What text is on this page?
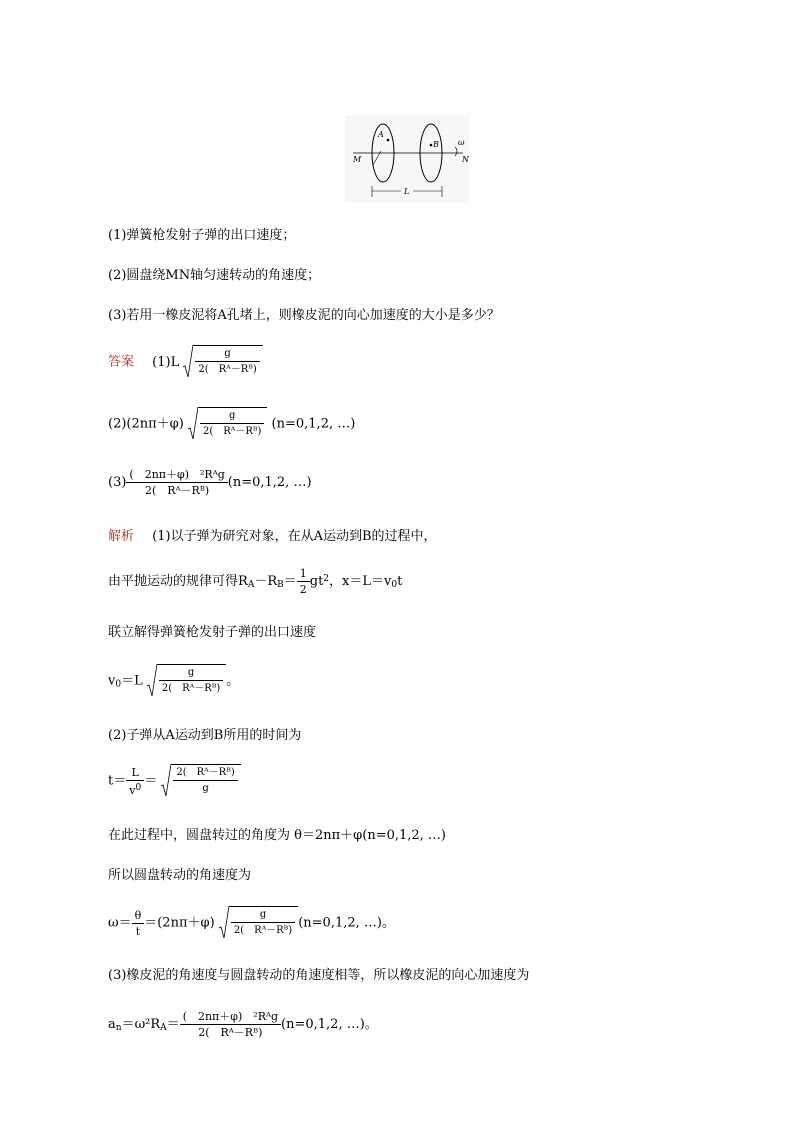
A
B
M	N
L
ω
(1)弹簧枪发射子弹的出口速度；
(2)圆盘绕MN轴匀速转动的角速度；
(3)若用一橡皮泥将A孔堵上，则橡皮泥的向心加速度的大小是多少？
答案 $(1)L \frac{g}{\text{2(　Rᴬ－Rᴮ)}}$
$(2)(2n\pi+\varphi) \frac{g}{\text{2(　Rᴬ－Rᴮ)}} (n=0,1,2$, …)
$(3) \frac{\text{(　2nπ＋φ)　²Rᴬg}}{\text{2(　Rᴬ－Rᴮ)}} (n=0,1,2$, …)
解析 (1)以子弹为研究对象，在从A运动到B的过程中，
由平抛运动的规律可得$R_A-R_B= \frac{1}{2} gt^2$，$x=L=v_0t$
联立解得弹簧枪发射子弹的出口速度
$v_0=L \frac{g}{\text{2(　Rᴬ－Rᴮ)}}$ 。
(2)子弹从A运动到B所用的时间为
$t= \frac{L}{v^0} = \frac{\text{2(　Rᴬ－Rᴮ)}}{g}$
在此过程中，圆盘转过的角度为 θ＝2nπ＋φ(n=0,1,2, …)
所以圆盘转动的角速度为
$\omega= \frac{\theta}{t} =(2n\pi+\varphi) \frac{g}{\text{2(　Rᴬ－Rᴮ)}} (n=0,1,2$, …)。
(3)橡皮泥的角速度与圆盘转动的角速度相等，所以橡皮泥的向心加速度为
$a_n=\omega^2R_A= \frac{\text{(　2nπ＋φ)　²Rᴬg}}{\text{2(　Rᴬ－Rᴮ)}} (n=0,1,2$, …)。
